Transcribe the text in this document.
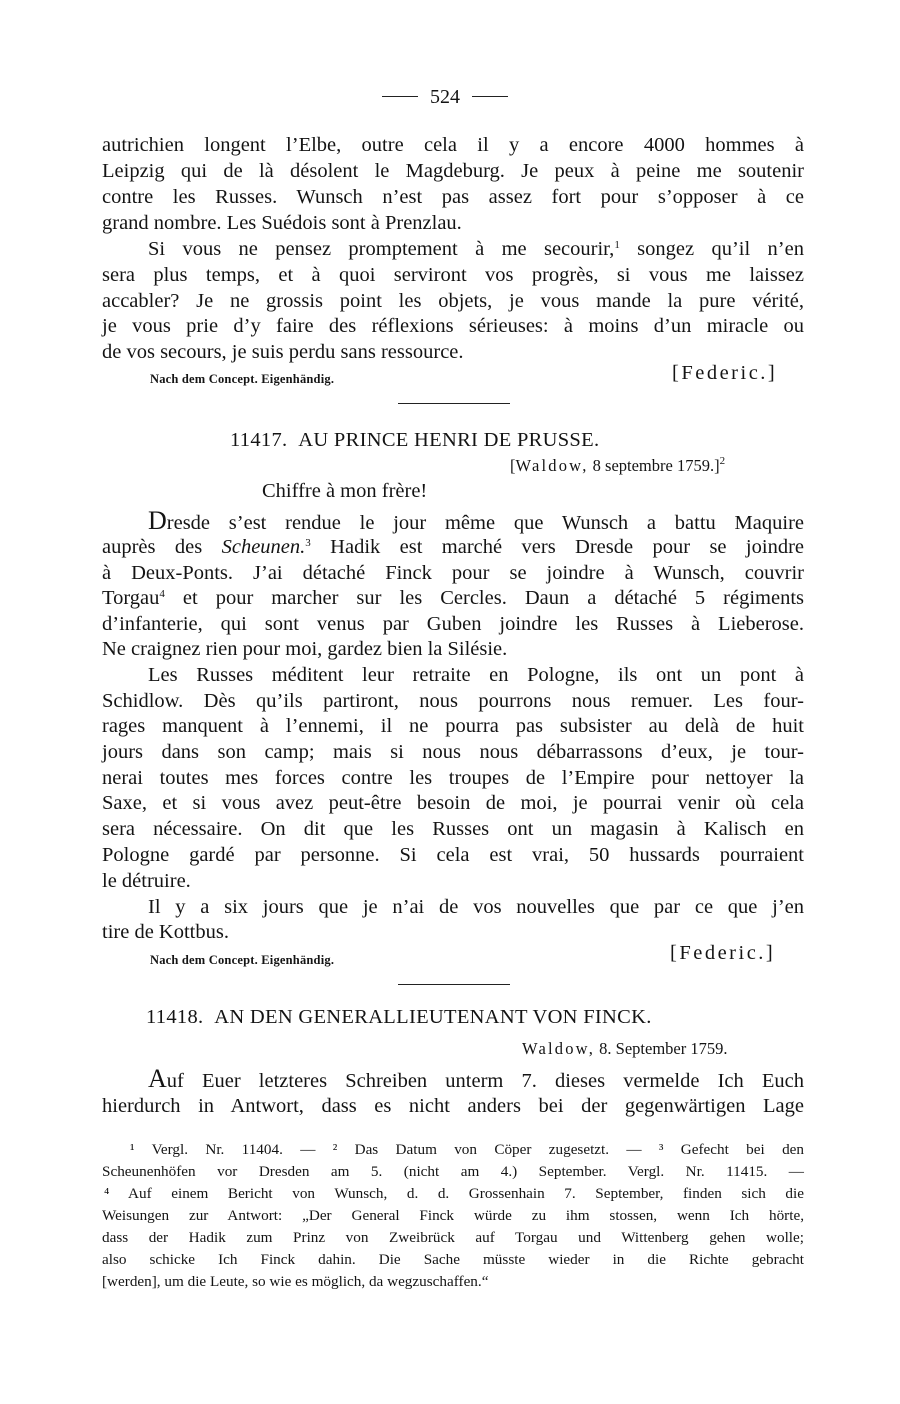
524
autrichien longent l’Elbe, outre cela il y a encore 4000 hommes à
Leipzig qui de là désolent le Magdeburg. Je peux à peine me soutenir
contre les Russes. Wunsch n’est pas assez fort pour s’opposer à ce
grand nombre. Les Suédois sont à Prenzlau.
Si vous ne pensez promptement à me secourir,$^1$ songez qu’il n’en
sera plus temps, et à quoi serviront vos progrès, si vous me laissez
accabler? Je ne grossis point les objets, je vous mande la pure vérité,
je vous prie d’y faire des réflexions sérieuses: à moins d’un miracle ou
de vos secours, je suis perdu sans ressource.
Nach dem Concept. Eigenhändig.	[Federic.]
11417. AU PRINCE HENRI DE PRUSSE.
[Waldow, 8 septembre 1759.]$^2$
Chiffre à mon frère!
Dresde s’est rendue le jour même que Wunsch a battu Maquire
auprès des Scheunen.$^3$ Hadik est marché vers Dresde pour se joindre
à Deux-Ponts. J’ai détaché Finck pour se joindre à Wunsch, couvrir
Torgau$^4$ et pour marcher sur les Cercles. Daun a détaché 5 régiments
d’infanterie, qui sont venus par Guben joindre les Russes à Lieberose.
Ne craignez rien pour moi, gardez bien la Silésie.
Les Russes méditent leur retraite en Pologne, ils ont un pont à
Schidlow. Dès qu’ils partiront, nous pourrons nous remuer. Les four-
rages manquent à l’ennemi, il ne pourra pas subsister au delà de huit
jours dans son camp; mais si nous nous débarrassons d’eux, je tour-
nerai toutes mes forces contre les troupes de l’Empire pour nettoyer la
Saxe, et si vous avez peut-être besoin de moi, je pourrai venir où cela
sera nécessaire. On dit que les Russes ont un magasin à Kalisch en
Pologne gardé par personne. Si cela est vrai, 50 hussards pourraient
le détruire.
Il y a six jours que je n’ai de vos nouvelles que par ce que j’en
tire de Kottbus.
Nach dem Concept. Eigenhändig.	[Federic.]
11418. AN DEN GENERALLIEUTENANT VON FINCK.
Waldow, 8. September 1759.
Auf Euer letzteres Schreiben unterm 7. dieses vermelde Ich Euch
hierdurch in Antwort, dass es nicht anders bei der gegenwärtigen Lage
¹ Vergl. Nr. 11404. — ² Das Datum von Cöper zugesetzt. — ³ Gefecht bei den
Scheunenhöfen vor Dresden am 5. (nicht am 4.) September. Vergl. Nr. 11415. —
⁴ Auf einem Bericht von Wunsch, d. d. Grossenhain 7. September, finden sich die
Weisungen zur Antwort: „Der General Finck würde zu ihm stossen, wenn Ich hörte,
dass der Hadik zum Prinz von Zweibrück auf Torgau und Wittenberg gehen wolle;
also schicke Ich Finck dahin. Die Sache müsste wieder in die Richte gebracht
[werden], um die Leute, so wie es möglich, da wegzuschaffen.“
